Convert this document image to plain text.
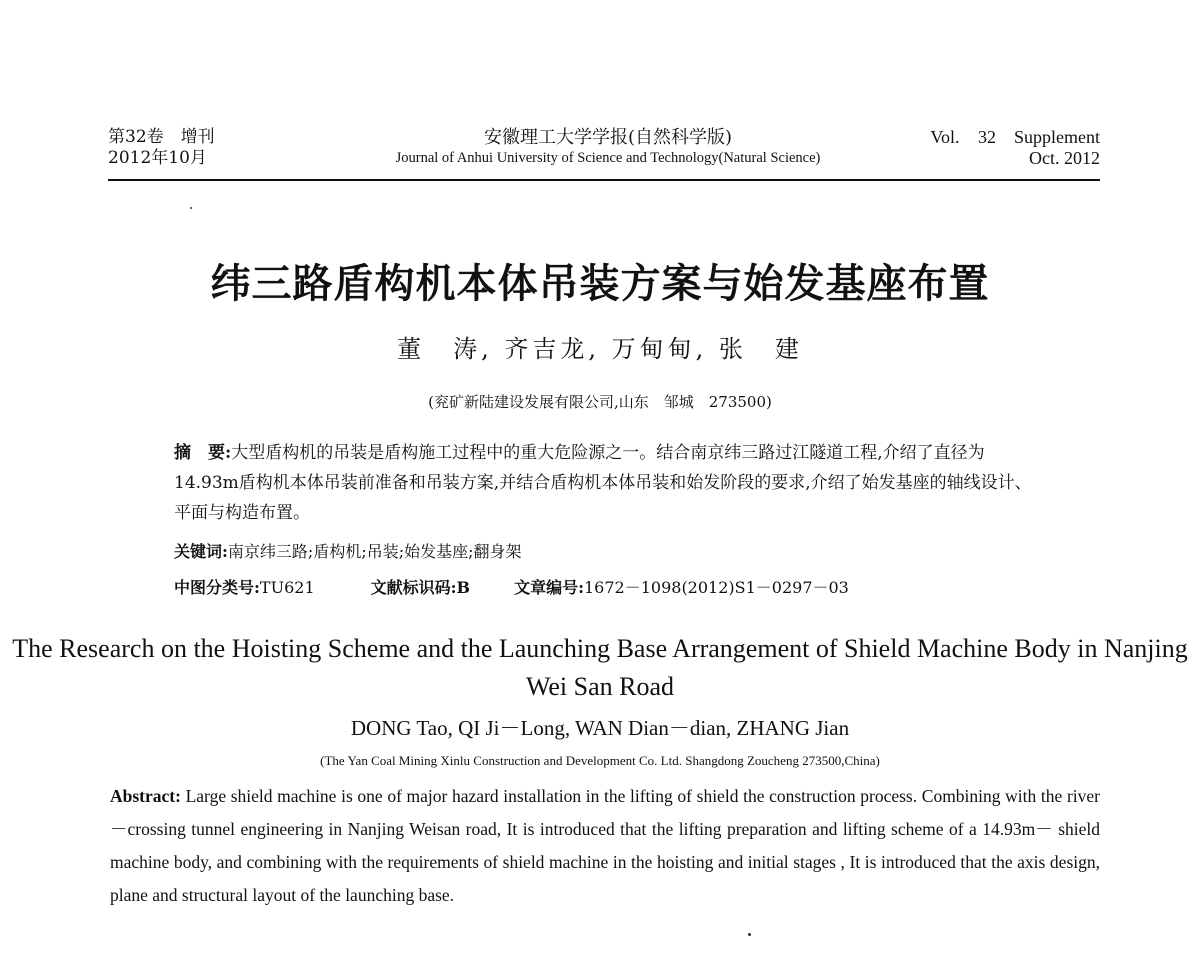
第32卷　增刊
2012年10月
安徽理工大学学报(自然科学版)
Journal of Anhui University of Science and Technology(Natural Science)
Vol. 32　Supplement
Oct. 2012
纬三路盾构机本体吊装方案与始发基座布置
董　涛, 齐吉龙, 万甸甸, 张　建
(兖矿新陆建设发展有限公司,山东　邹城　273500)
摘　要:大型盾构机的吊装是盾构施工过程中的重大危险源之一。结合南京纬三路过江隧道工程,介绍了直径为14.93m盾构机本体吊装前准备和吊装方案,并结合盾构机本体吊装和始发阶段的要求,介绍了始发基座的轴线设计、平面与构造布置。
关键词:南京纬三路;盾构机;吊装;始发基座;翻身架
中图分类号:TU621	文献标识码:B	文章编号:1672－1098(2012)S1－0297－03
The Research on the Hoisting Scheme and the Launching Base Arrangement of Shield Machine Body in Nanjing Wei San Road
DONG Tao, QI Ji－Long, WAN Dian－dian, ZHANG Jian
(The Yan Coal Mining Xinlu Construction and Development Co. Ltd. Shangdong Zoucheng 273500,China)
Abstract: Large shield machine is one of major hazard installation in the lifting of shield the construction process. Combining with the river－crossing tunnel engineering in Nanjing Weisan road, It is introduced that the lifting preparation and lifting scheme of a 14.93m－ shield machine body, and combining with the requirements of shield machine in the hoisting and initial stages , It is introduced that the axis design, plane and structural layout of the launching base.
